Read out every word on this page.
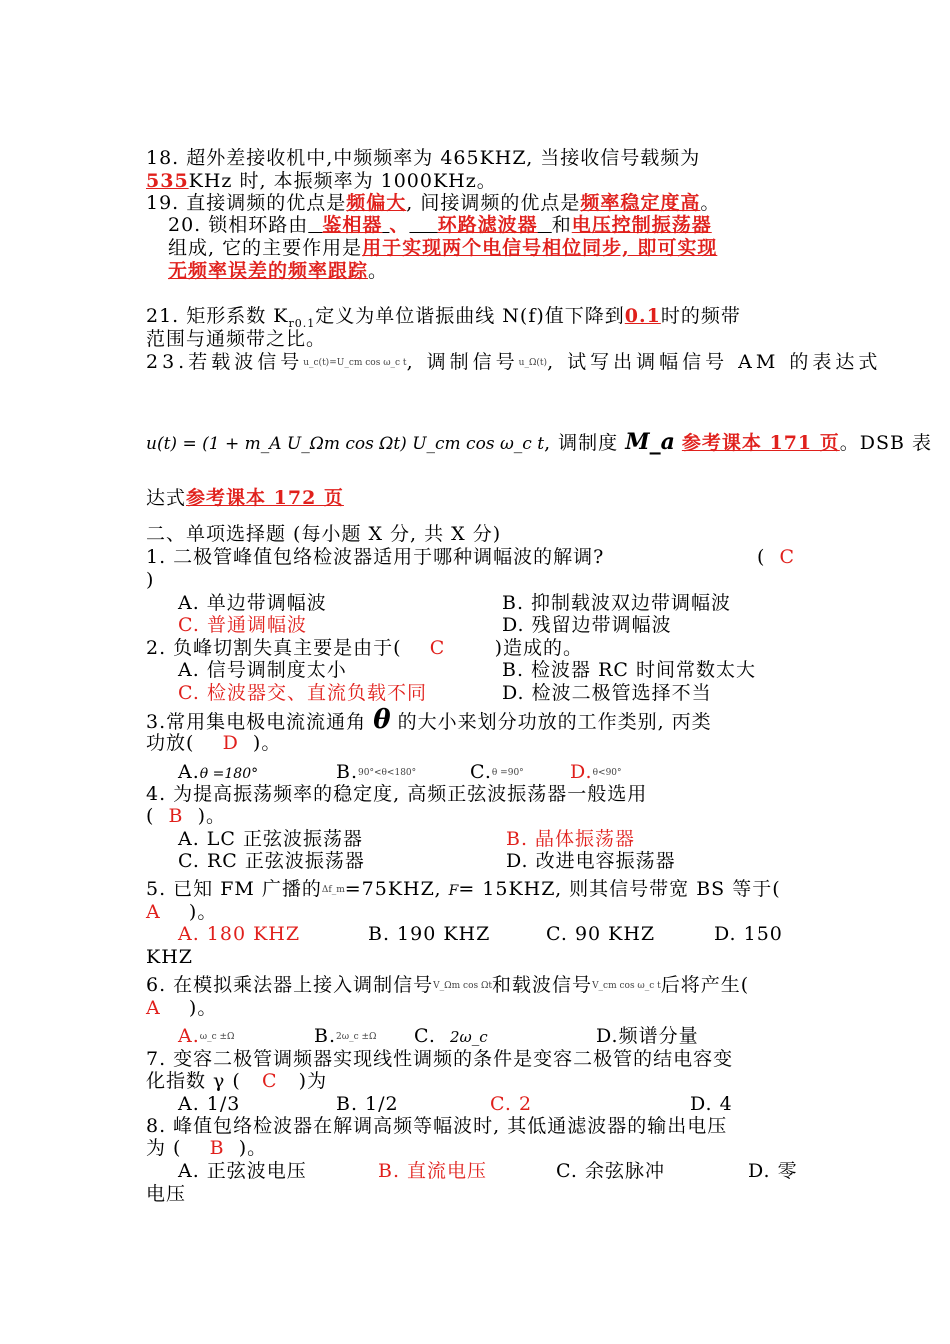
18. 超外差接收机中,中频频率为 465KHZ, 当接收信号载频为
535KHz 时, 本振频率为 1000KHz。
19. 直接调频的优点是频偏大, 间接调频的优点是频率稳定度高。
20. 锁相环路由 鉴相器 、 环路滤波器 和电压控制振荡器
组成, 它的主要作用是用于实现两个电信号相位同步, 即可实现
无频率误差的频率跟踪。
21. 矩形系数 $K_{r0.1}$定义为单位谐振曲线 N(f)值下降到0.1时的频带
范围与通频带之比。
23.若载波信号u_c(t)=U_cm cos ω_c t, 调制信号u_Ω(t), 试写出调幅信号 AM 的表达式
u(t) = (1 + m_A U_Ωm cos Ωt) U_cm cos ω_c t, 调制度 M_a 参考课本 171 页。DSB 表
达式参考课本 172 页
二、单项选择题 (每小题 X 分, 共 X 分)
1. 二极管峰值包络检波器适用于哪种调幅波的解调?	( C
)
A. 单边带调幅波	B. 抑制载波双边带调幅波
C. 普通调幅波	D. 残留边带调幅波
2. 负峰切割失真主要是由于( C	)造成的。
A. 信号调制度太小	B. 检波器 RC 时间常数太大
C. 检波器交、直流负载不同	D. 检波二极管选择不当
3.常用集电极电流流通角 θ 的大小来划分功放的工作类别, 丙类
功放( D )。
A.θ =180°	B.90°<θ<180°	C.θ =90° D.θ<90°
4. 为提高振荡频率的稳定度, 高频正弦波振荡器一般选用
( B )。
A. LC 正弦波振荡器	B. 晶体振荡器
C. RC 正弦波振荡器	D. 改进电容振荡器
5. 已知 FM 广播的Δf_m=75KHZ, F= 15KHZ, 则其信号带宽 BS 等于(
A )。
A. 180 KHZ	B. 190 KHZ	C. 90 KHZ	D. 150
KHZ
6. 在模拟乘法器上接入调制信号V_Ωm cos Ωt和载波信号V_cm cos ω_c t后将产生(
A )。
A.ω_c ±Ω	B.2ω_c ±Ω C. 2ω_c	D.频谱分量
7. 变容二极管调频器实现线性调频的条件是变容二极管的结电容变
化指数 γ ( C )为
A. 1/3	B. 1/2	C. 2	D. 4
8. 峰值包络检波器在解调高频等幅波时, 其低通滤波器的输出电压
为 ( B )。
A. 正弦波电压	B. 直流电压	C. 余弦脉冲	D. 零
电压
